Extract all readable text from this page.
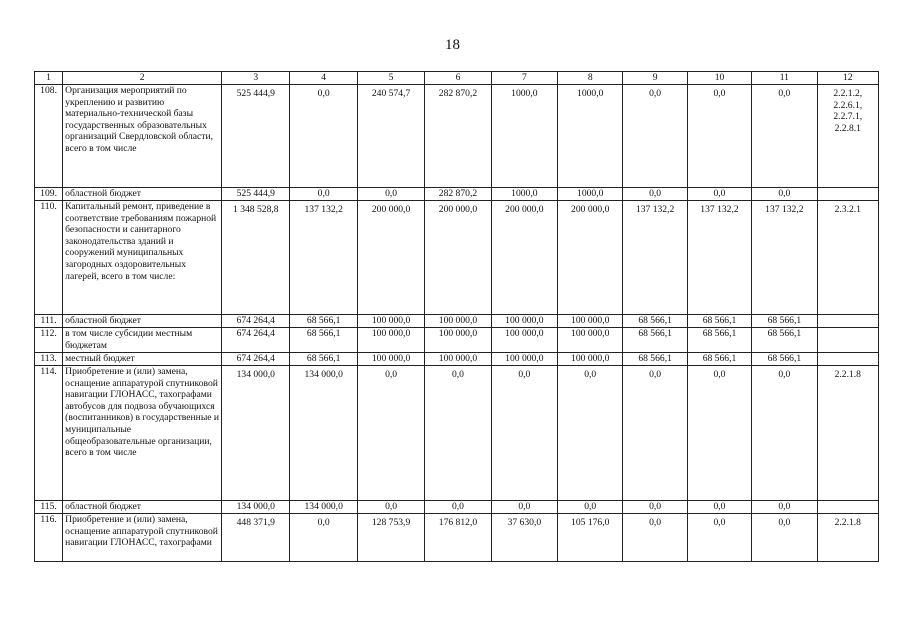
18
1	2	3	4	5	6	7	8	9	10	11	12
108.	Организация мероприятий по укреплению и развитию материально-технической базы государственных образовательных организаций Свердловской области, всего в том числе	525 444,9	0,0	240 574,7	282 870,2	1000,0	1000,0	0,0	0,0	0,0	2.2.1.2,
2.2.6.1,
2.2.7.1,
2.2.8.1
109.	областной бюджет	525 444,9	0,0	0,0	282 870,2	1000,0	1000,0	0,0	0,0	0,0	
110.	Капитальный ремонт, приведение в соответствие требованиям пожарной безопасности и санитарного законодательства зданий и сооружений муниципальных загородных оздоровительных лагерей, всего в том числе:	1 348 528,8	137 132,2	200 000,0	200 000,0	200 000,0	200 000,0	137 132,2	137 132,2	137 132,2	2.3.2.1
111.	областной бюджет	674 264,4	68 566,1	100 000,0	100 000,0	100 000,0	100 000,0	68 566,1	68 566,1	68 566,1	
112.	в том числе субсидии местным бюджетам	674 264,4	68 566,1	100 000,0	100 000,0	100 000,0	100 000,0	68 566,1	68 566,1	68 566,1	
113.	местный бюджет	674 264,4	68 566,1	100 000,0	100 000,0	100 000,0	100 000,0	68 566,1	68 566,1	68 566,1	
114.	Приобретение и (или) замена, оснащение аппаратурой спутниковой навигации ГЛОНАСС, тахографами автобусов для подвоза обучающихся (воспитанников) в государственные и муниципальные общеобразовательные организации, всего в том числе	134 000,0	134 000,0	0,0	0,0	0,0	0,0	0,0	0,0	0,0	2.2.1.8
115.	областной бюджет	134 000,0	134 000,0	0,0	0,0	0,0	0,0	0,0	0,0	0,0	
116.	Приобретение и (или) замена, оснащение аппаратурой спутниковой навигации ГЛОНАСС, тахографами	448 371,9	0,0	128 753,9	176 812,0	37 630,0	105 176,0	0,0	0,0	0,0	2.2.1.8
